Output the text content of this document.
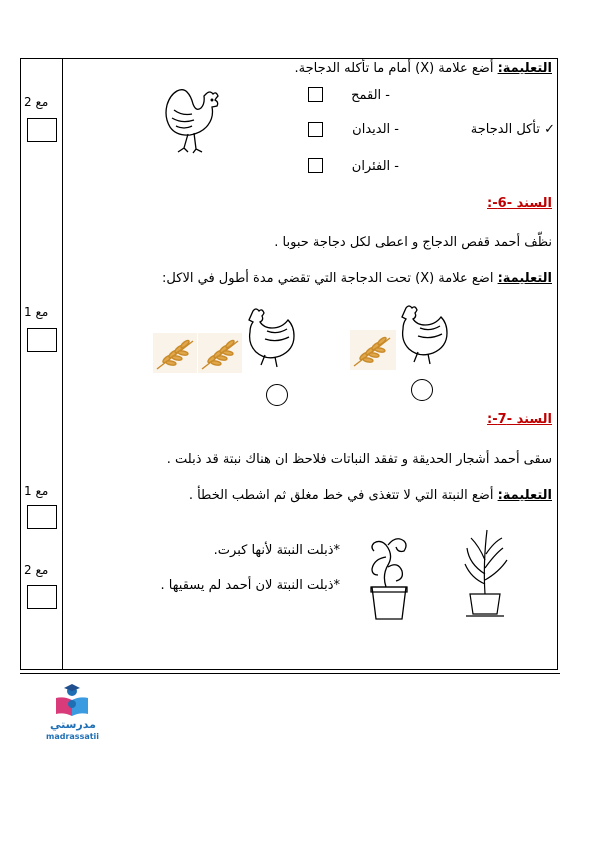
التعليمة: أضع علامة (X) أمام ما تأكله الدجاجة.
- القمح
- الديدان
- الفئران
✓ تأكل الدجاجة
مع 2
السند -6-:
نظّف أحمد قفص الدجاج و اعطى لكل دجاجة حبوبا .
التعليمة: اضع علامة (X) تحت الدجاجة التي تقضي مدة أطول في الاكل:
مع 1
السند -7-:
سقى أحمد أشجار الحديقة و تفقد النباتات فلاحظ ان هناك نبتة قد ذبلت .
التعليمة: أضع النبتة التي لا تتغذى في خط مغلق ثم اشطب الخطأ .
*ذبلت النبتة لأنها كبرت.
*ذبلت النبتة لان أحمد لم يسقيها .
مع 1
مع 2
مدرستي
madrassatii
